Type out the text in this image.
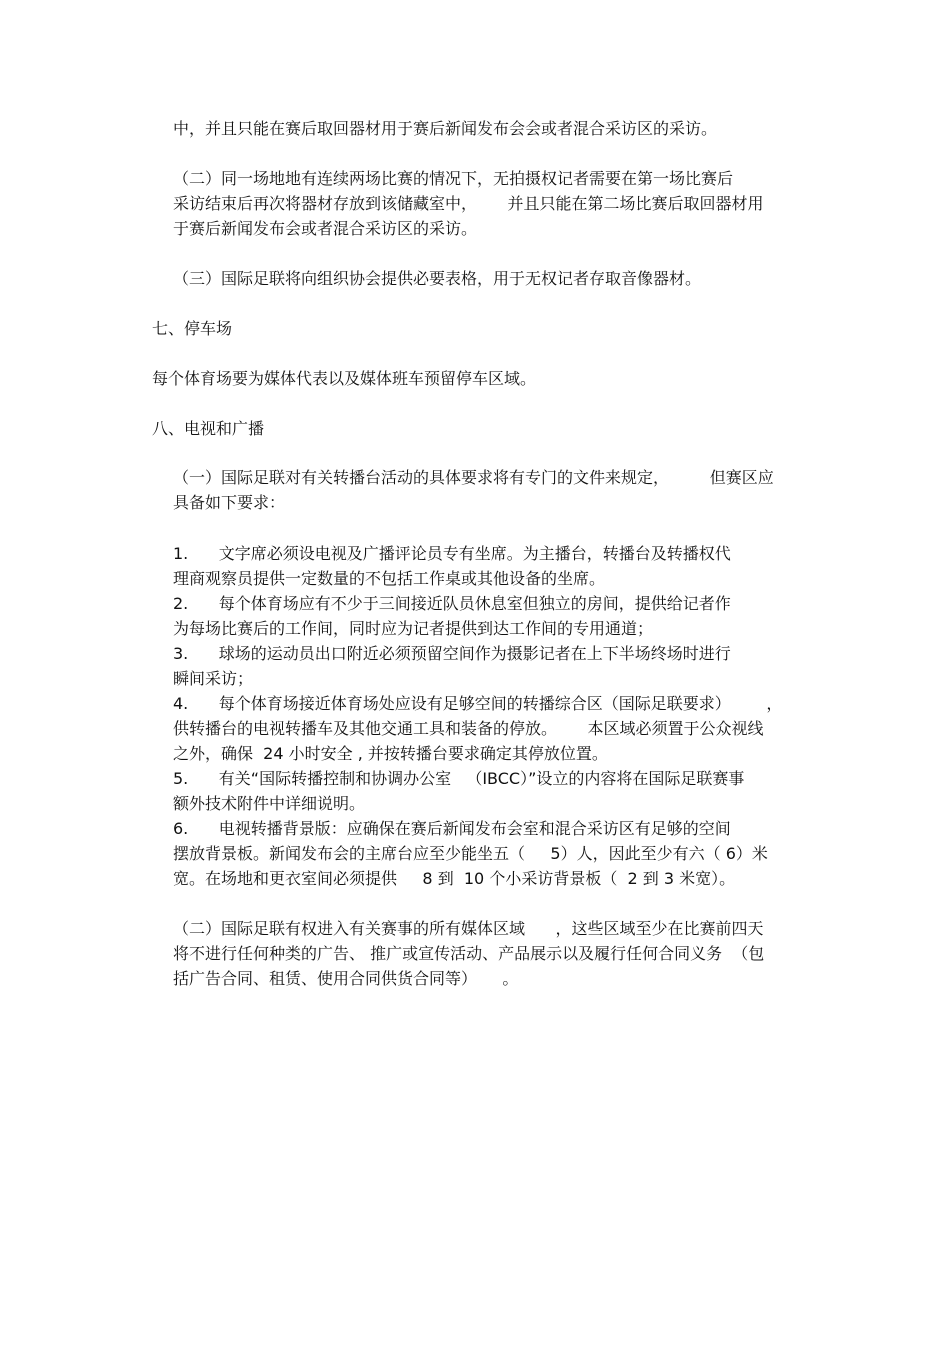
中，并且只能在赛后取回器材用于赛后新闻发布会会或者混合采访区的采访。

（二）同一场地地有连续两场比赛的情况下，无拍摄权记者需要在第一场比赛后

采访结束后再次将器材存放到该储藏室中，      并且只能在第二场比赛后取回器材用

于赛后新闻发布会或者混合采访区的采访。

（三）国际足联将向组织协会提供必要表格，用于无权记者存取音像器材。

七、停车场

每个体育场要为媒体代表以及媒体班车预留停车区域。

八、电视和广播

（一）国际足联对有关转播台活动的具体要求将有专门的文件来规定，        但赛区应

具备如下要求：

1.      文字席必须设电视及广播评论员专有坐席。为主播台，转播台及转播权代

理商观察员提供一定数量的不包括工作桌或其他设备的坐席。

2.      每个体育场应有不少于三间接近队员休息室但独立的房间，提供给记者作

为每场比赛后的工作间，同时应为记者提供到达工作间的专用通道；

3.      球场的运动员出口附近必须预留空间作为摄影记者在上下半场终场时进行

瞬间采访；

4.      每个体育场接近体育场处应设有足够空间的转播综合区（国际足联要求）       ，

供转播台的电视转播车及其他交通工具和装备的停放。      本区域必须置于公众视线

之外，确保  24 小时安全 , 并按转播台要求确定其停放位置。

5.      有关“国际转播控制和协调办公室   （IBCC）”设立的内容将在国际足联赛事

额外技术附件中详细说明。

6.      电视转播背景版：应确保在赛后新闻发布会室和混合采访区有足够的空间

摆放背景板。新闻发布会的主席台应至少能坐五（     5）人，因此至少有六（ 6）米

宽。在场地和更衣室间必须提供     8 到  10 个小采访背景板（  2 到 3 米宽）。

（二）国际足联有权进入有关赛事的所有媒体区域      ，这些区域至少在比赛前四天

将不进行任何种类的广告、 推广或宣传活动、产品展示以及履行任何合同义务  （包

括广告合同、租赁、使用合同供货合同等）     。
